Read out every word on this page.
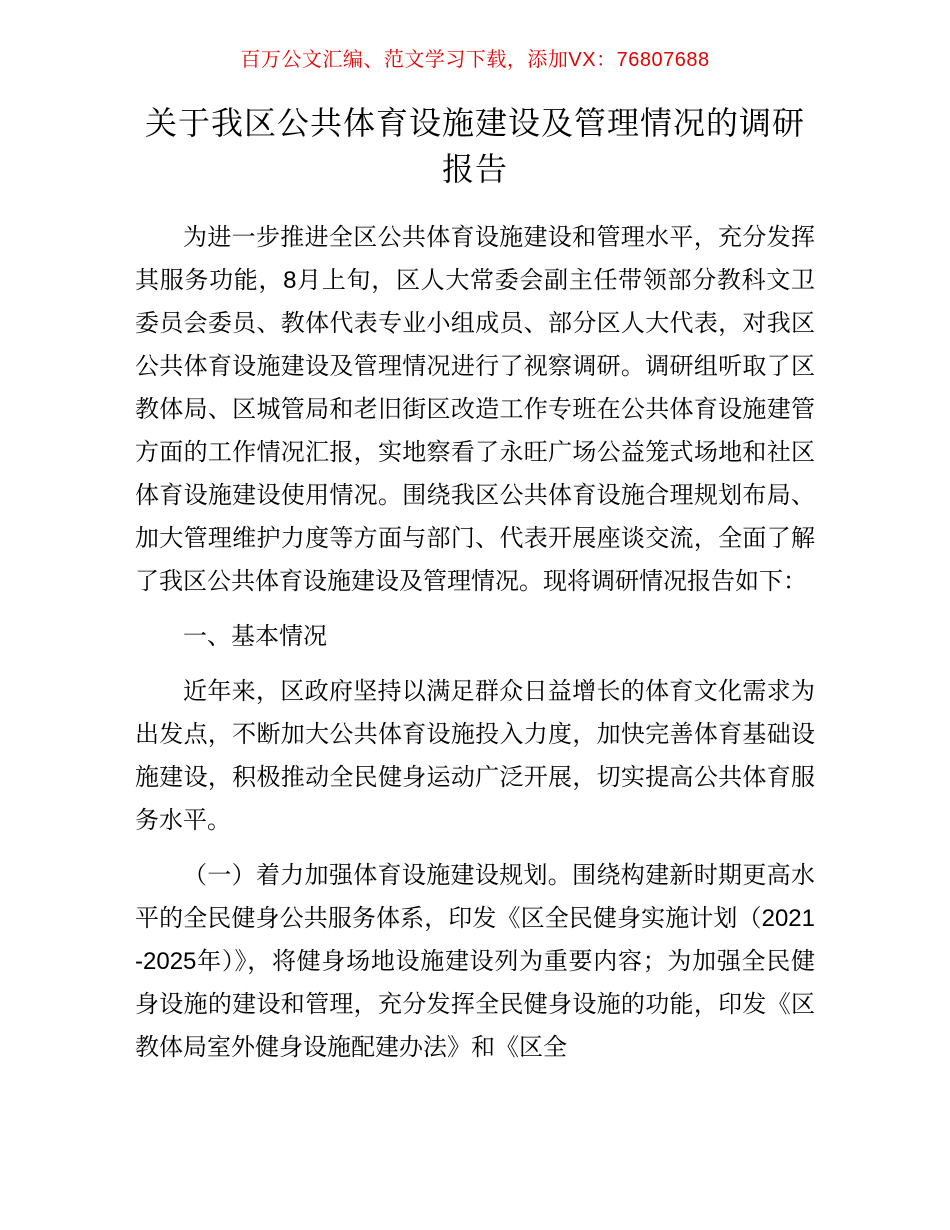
百万公文汇编、范文学习下载，添加VX：76807688
关于我区公共体育设施建设及管理情况的调研报告

为进一步推进全区公共体育设施建设和管理水平，充分发挥其服务功能，8月上旬，区人大常委会副主任带领部分教科文卫委员会委员、教体代表专业小组成员、部分区人大代表，对我区公共体育设施建设及管理情况进行了视察调研。调研组听取了区教体局、区城管局和老旧街区改造工作专班在公共体育设施建管方面的工作情况汇报，实地察看了永旺广场公益笼式场地和社区体育设施建设使用情况。围绕我区公共体育设施合理规划布局、加大管理维护力度等方面与部门、代表开展座谈交流，全面了解了我区公共体育设施建设及管理情况。现将调研情况报告如下：

一、基本情况

近年来，区政府坚持以满足群众日益增长的体育文化需求为出发点，不断加大公共体育设施投入力度，加快完善体育基础设施建设，积极推动全民健身运动广泛开展，切实提高公共体育服务水平。

（一）着力加强体育设施建设规划。围绕构建新时期更高水平的全民健身公共服务体系，印发《区全民健身实施计划（2021-2025年）》，将健身场地设施建设列为重要内容；为加强全民健身设施的建设和管理，充分发挥全民健身设施的功能，印发《区教体局室外健身设施配建办法》和《区全
